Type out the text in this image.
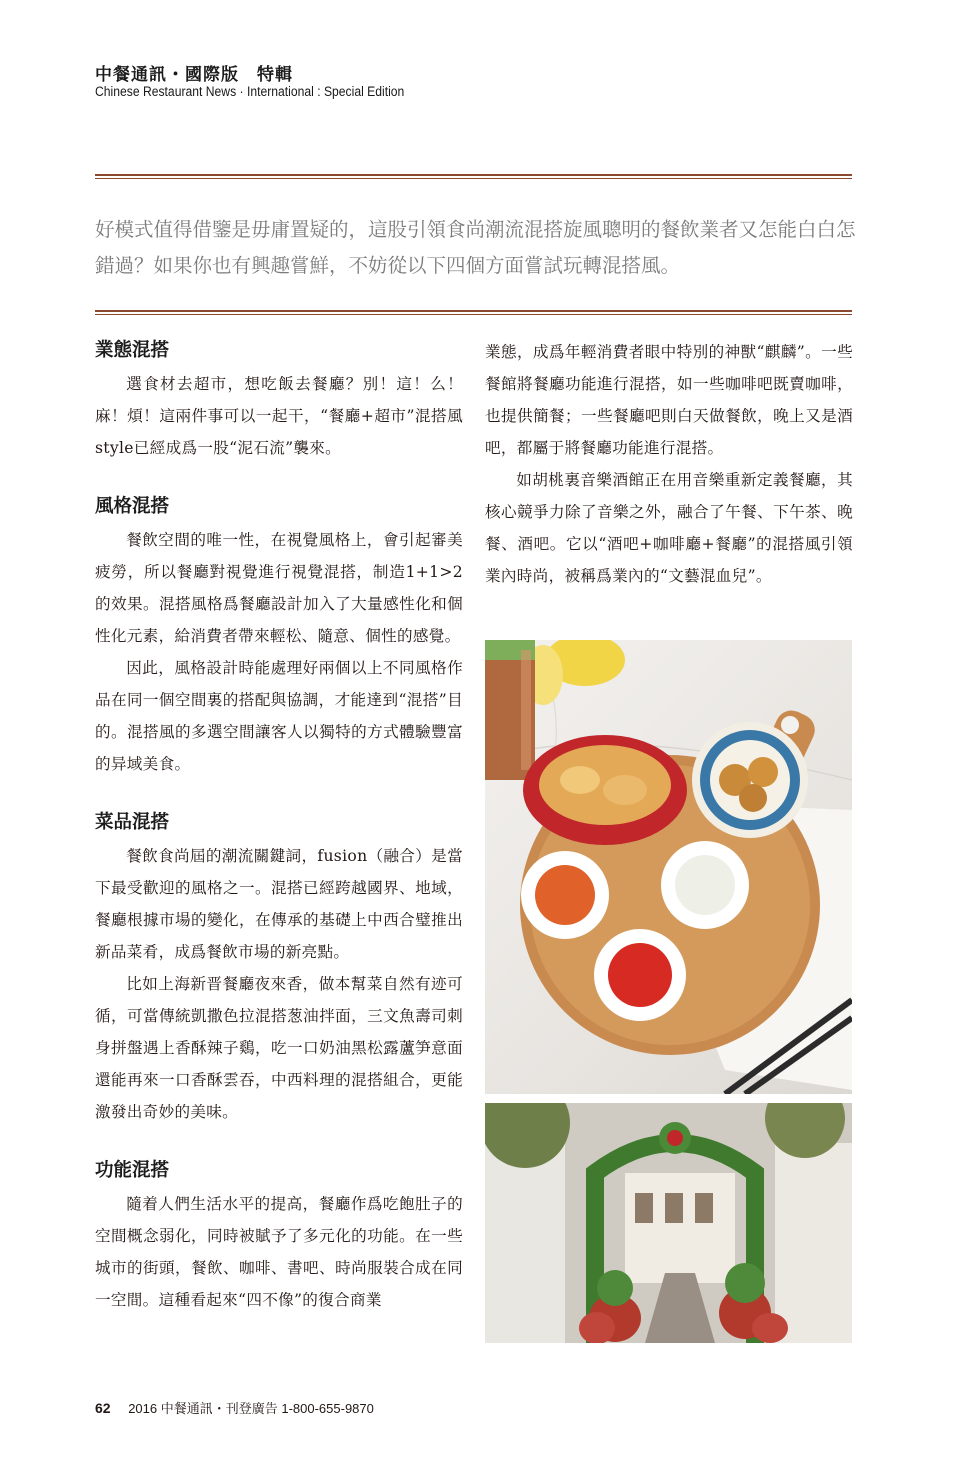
中餐通訊・國際版　特輯
Chinese Restaurant News · International : Special Edition
好模式值得借鑒是毋庸置疑的，這股引領食尚潮流混搭旋風聰明的餐飲業者又怎能白白怎錯過？如果你也有興趣嘗鮮，不妨從以下四個方面嘗試玩轉混搭風。
業態混搭

選食材去超市，想吃飯去餐廳？別！這！么！麻！煩！這兩件事可以一起干，“餐廳+超市”混搭風style已經成爲一股“泥石流”襲來。

風格混搭

餐飲空間的唯一性，在視覺風格上，會引起審美疲勞，所以餐廳對視覺進行視覺混搭，制造1+1>2的效果。混搭風格爲餐廳設計加入了大量感性化和個性化元素，給消費者帶來輕松、隨意、個性的感覺。

因此，風格設計時能處理好兩個以上不同風格作品在同一個空間裏的搭配與協調，才能達到“混搭”目的。混搭風的多選空間讓客人以獨特的方式體驗豐富的异域美食。

菜品混搭

餐飲食尚屆的潮流關鍵詞，fusion（融合）是當下最受歡迎的風格之一。混搭已經跨越國界、地域，餐廳根據市場的變化，在傳承的基礎上中西合璧推出新品菜肴，成爲餐飲市場的新亮點。

比如上海新晋餐廳夜來香，做本幫菜自然有迹可循，可當傳統凱撒色拉混搭葱油拌面，三文魚壽司刺身拼盤遇上香酥辣子鷄，吃一口奶油黑松露蘆笋意面還能再來一口香酥雲吞，中西料理的混搭組合，更能激發出奇妙的美味。

功能混搭

隨着人們生活水平的提高，餐廳作爲吃飽肚子的空間概念弱化，同時被賦予了多元化的功能。在一些城市的街頭，餐飲、咖啡、書吧、時尚服裝合成在同一空間。這種看起來“四不像”的復合商業

業態，成爲年輕消費者眼中特別的神獸“麒麟”。一些餐館將餐廳功能進行混搭，如一些咖啡吧既賣咖啡，也提供簡餐；一些餐廳吧則白天做餐飲，晚上又是酒吧，都屬于將餐廳功能進行混搭。

如胡桃裏音樂酒館正在用音樂重新定義餐廳，其核心競爭力除了音樂之外，融合了午餐、下午茶、晚餐、酒吧。它以“酒吧+咖啡廳+餐廳”的混搭風引領業內時尚，被稱爲業內的“文藝混血兒”。

62 2016 中餐通訊・刊登廣告 1-800-655-9870
